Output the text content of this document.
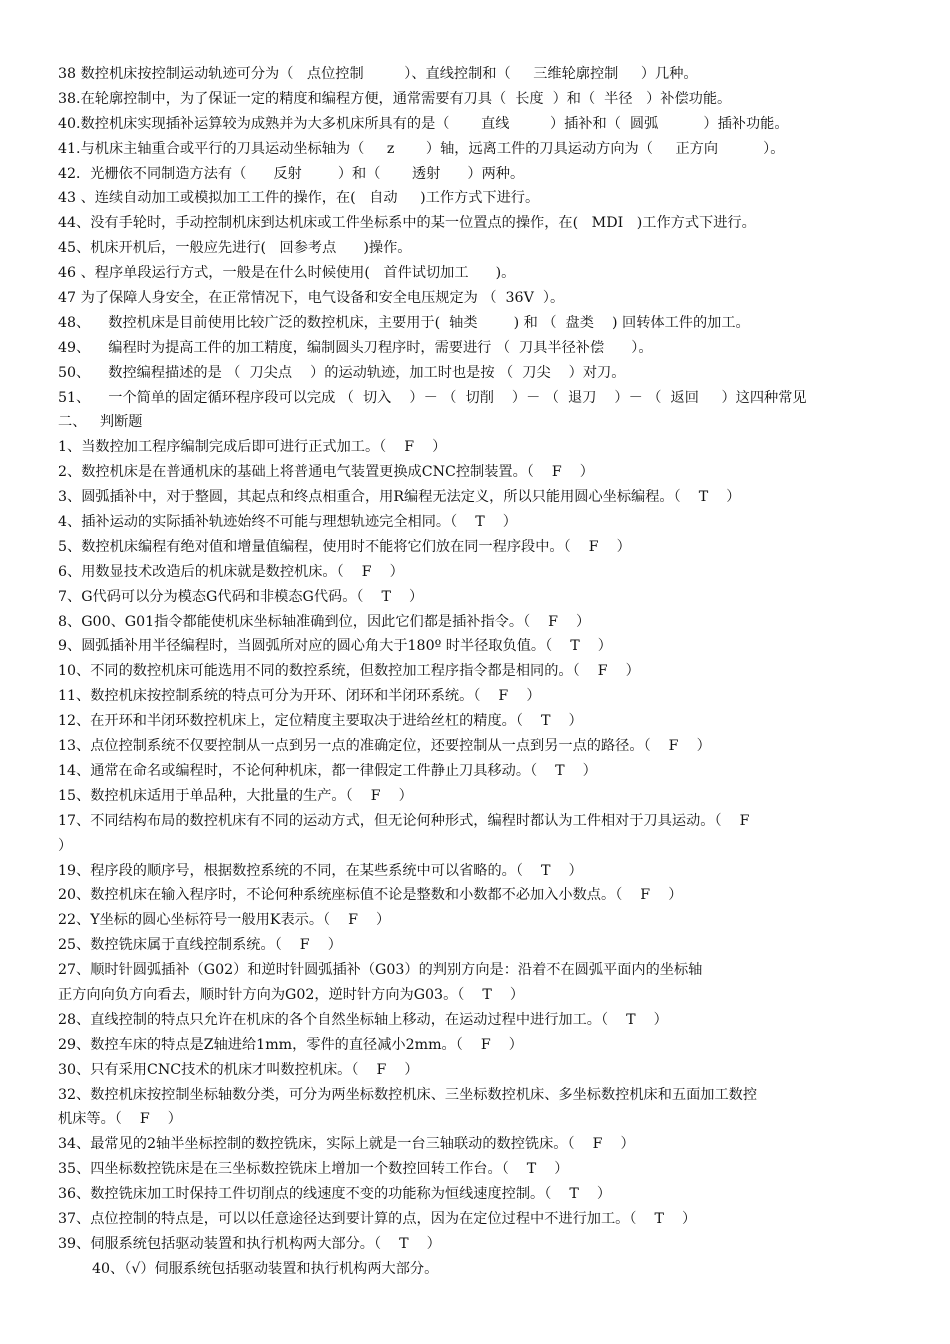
38 数控机床按控制运动轨迹可分为（   点位控制         ）、直线控制和（     三维轮廓控制     ）几种。
38.在轮廓控制中，为了保证一定的精度和编程方便，通常需要有刀具（  长度  ）和（  半径   ）补偿功能。
40.数控机床实现插补运算较为成熟并为大多机床所具有的是（       直线         ）插补和（  圆弧          ）插补功能。
41.与机床主轴重合或平行的刀具运动坐标轴为（     z       ）轴，远离工件的刀具运动方向为（     正方向          ）。
42．光栅依不同制造方法有（      反射        ）和（       透射      ）两种。
43 、连续自动加工或模拟加工工件的操作，在(   自动     )工作方式下进行。
44、没有手轮时，手动控制机床到达机床或工件坐标系中的某一位置点的操作，在(   MDI   )工作方式下进行。
45、机床开机后，一般应先进行(   回参考点      )操作。
46 、程序单段运行方式，一般是在什么时候使用(   首件试切加工      )。
47 为了保障人身安全，在正常情况下，电气设备和安全电压规定为 （  36V  ）。
48、    数控机床是目前使用比较广泛的数控机床，主要用于(  轴类        ) 和 （  盘类    ) 回转体工件的加工。
49、    编程时为提高工件的加工精度，编制圆头刀程序时，需要进行 （  刀具半径补偿      ）。
50、    数控编程描述的是 （  刀尖点    ）的运动轨迹，加工时也是按 （  刀尖    ）对刀。
51、    一个简单的固定循环程序段可以完成 （  切入    ）－ （  切削    ）－ （  退刀    ）－ （  返回     ）这四种常见
二、   判断题
1、当数控加工程序编制完成后即可进行正式加工。（    F    ）
2、数控机床是在普通机床的基础上将普通电气装置更换成CNC控制装置。（    F    ）
3、圆弧插补中，对于整圆，其起点和终点相重合，用R编程无法定义，所以只能用圆心坐标编程。（    T    ）
4、插补运动的实际插补轨迹始终不可能与理想轨迹完全相同。（    T    ）
5、数控机床编程有绝对值和增量值编程，使用时不能将它们放在同一程序段中。（    F    ）
6、用数显技术改造后的机床就是数控机床。（    F    ）
7、G代码可以分为模态G代码和非模态G代码。（    T    ）
8、G00、G01指令都能使机床坐标轴准确到位，因此它们都是插补指令。（    F    ）
9、圆弧插补用半径编程时，当圆弧所对应的圆心角大于180º 时半径取负值。（    T    ）
10、不同的数控机床可能选用不同的数控系统，但数控加工程序指令都是相同的。（    F    ）
11、数控机床按控制系统的特点可分为开环、闭环和半闭环系统。（    F    ）
12、在开环和半闭环数控机床上，定位精度主要取决于进给丝杠的精度。（    T    ）
13、点位控制系统不仅要控制从一点到另一点的准确定位，还要控制从一点到另一点的路径。（    F    ）
14、通常在命名或编程时，不论何种机床，都一律假定工件静止刀具移动。（    T    ）
15、数控机床适用于单品种，大批量的生产。（    F    ）
17、不同结构布局的数控机床有不同的运动方式，但无论何种形式，编程时都认为工件相对于刀具运动。（    F
）
19、程序段的顺序号，根据数控系统的不同，在某些系统中可以省略的。（    T    ）
20、数控机床在输入程序时，不论何种系统座标值不论是整数和小数都不必加入小数点。（    F    ）
22、Y坐标的圆心坐标符号一般用K表示。（    F    ）
25、数控铣床属于直线控制系统。（    F    ）
27、顺时针圆弧插补（G02）和逆时针圆弧插补（G03）的判别方向是：沿着不在圆弧平面内的坐标轴
正方向向负方向看去，顺时针方向为G02，逆时针方向为G03。（    T    ）
28、直线控制的特点只允许在机床的各个自然坐标轴上移动，在运动过程中进行加工。（    T    ）
29、数控车床的特点是Z轴进给1mm，零件的直径减小2mm。（    F    ）
30、只有采用CNC技术的机床才叫数控机床。（    F    ）
32、数控机床按控制坐标轴数分类，可分为两坐标数控机床、三坐标数控机床、多坐标数控机床和五面加工数控
机床等。（    F    ）
34、最常见的2轴半坐标控制的数控铣床，实际上就是一台三轴联动的数控铣床。（    F    ）
35、四坐标数控铣床是在三坐标数控铣床上增加一个数控回转工作台。（    T    ）
36、数控铣床加工时保持工件切削点的线速度不变的功能称为恒线速度控制。（    T    ）
37、点位控制的特点是，可以以任意途径达到要计算的点，因为在定位过程中不进行加工。（    T    ）
39、伺服系统包括驱动装置和执行机构两大部分。（    T    ）
40、（√）伺服系统包括驱动装置和执行机构两大部分。
